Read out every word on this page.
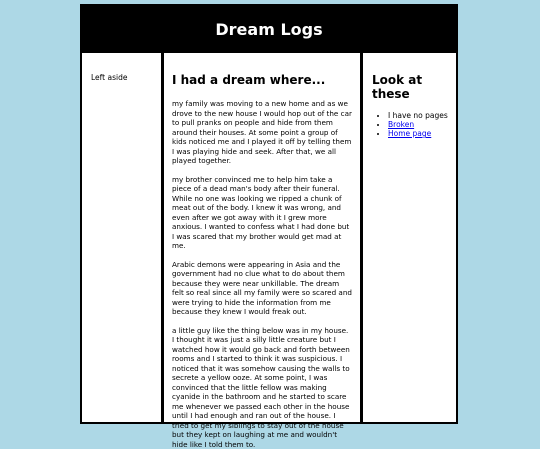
Dream Logs
Left aside	I had a dream where...

my family was moving to a new home and as we drove to the new house I would hop out of the car to pull pranks on people and hide from them around their houses. At some point a group of kids noticed me and I played it off by telling them I was playing hide and seek. After that, we all played together.

my brother convinced me to help him take a piece of a dead man's body after their funeral. While no one was looking we ripped a chunk of meat out of the body. I knew it was wrong, and even after we got away with it I grew more anxious. I wanted to confess what I had done but I was scared that my brother would get mad at me.

Arabic demons were appearing in Asia and the government had no clue what to do about them because they were near unkillable. The dream felt so real since all my family were so scared and were trying to hide the information from me because they knew I would freak out.

a little guy like the thing below was in my house. I thought it was just a silly little creature but I watched how it would go back and forth between rooms and I started to think it was suspicious. I noticed that it was somehow causing the walls to secrete a yellow ooze. At some point, I was convinced that the little fellow was making cyanide in the bathroom and he started to scare me whenever we passed each other in the house until I had enough and ran out of the house. I tried to get my siblings to stay out of the house but they kept on laughing at me and wouldn't hide like I told them to.

Look at these
• I have no pages
• Broken
• Home page
